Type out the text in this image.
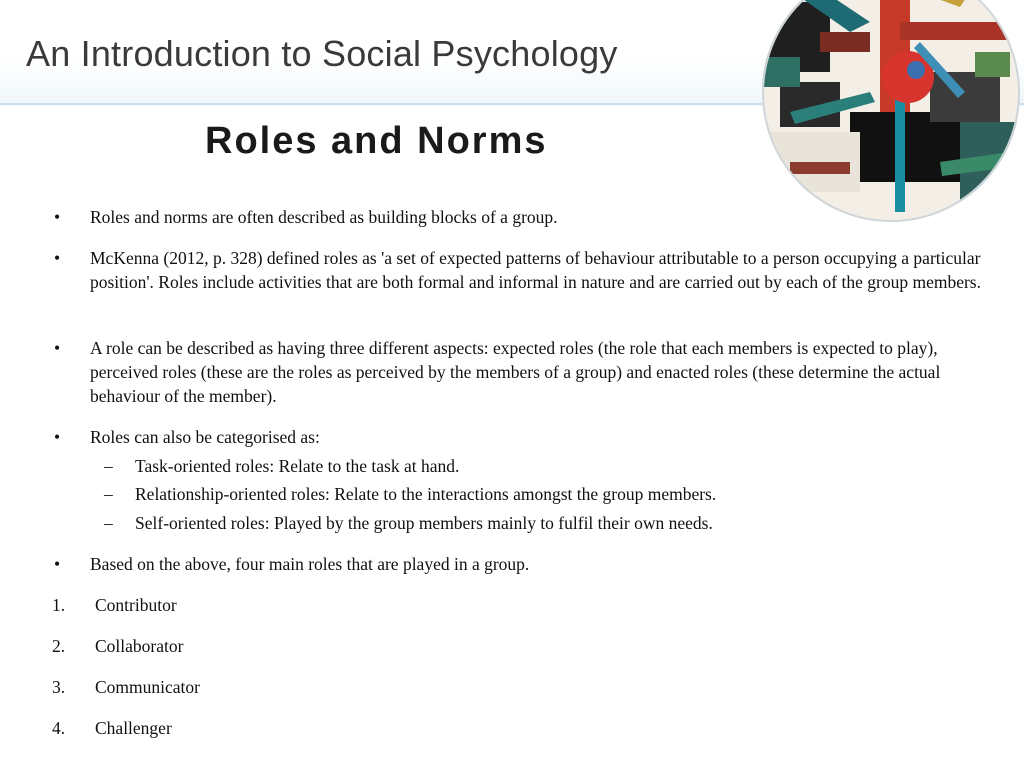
An Introduction to Social Psychology
Roles and Norms
•	Roles and norms are often described as building blocks of a group.
•	McKenna (2012, p. 328) defined roles as 'a set of expected patterns of behaviour attributable to a person occupying a particular position'. Roles include activities that are both formal and informal in nature and are carried out by each of the group members.
•	A role can be described as having three different aspects: expected roles (the role that each members is expected to play), perceived roles (these are the roles as perceived by the members of a group) and enacted roles (these determine the actual behaviour of the member).
•	Roles can also be categorised as:
–	Task-oriented roles: Relate to the task at hand.
–	Relationship-oriented roles: Relate to the interactions amongst the group members.
–	Self-oriented roles: Played by the group members mainly to fulfil their own needs.
•	Based on the above, four main roles that are played in a group.
1.	Contributor
2.	Collaborator
3.	Communicator
4.	Challenger
